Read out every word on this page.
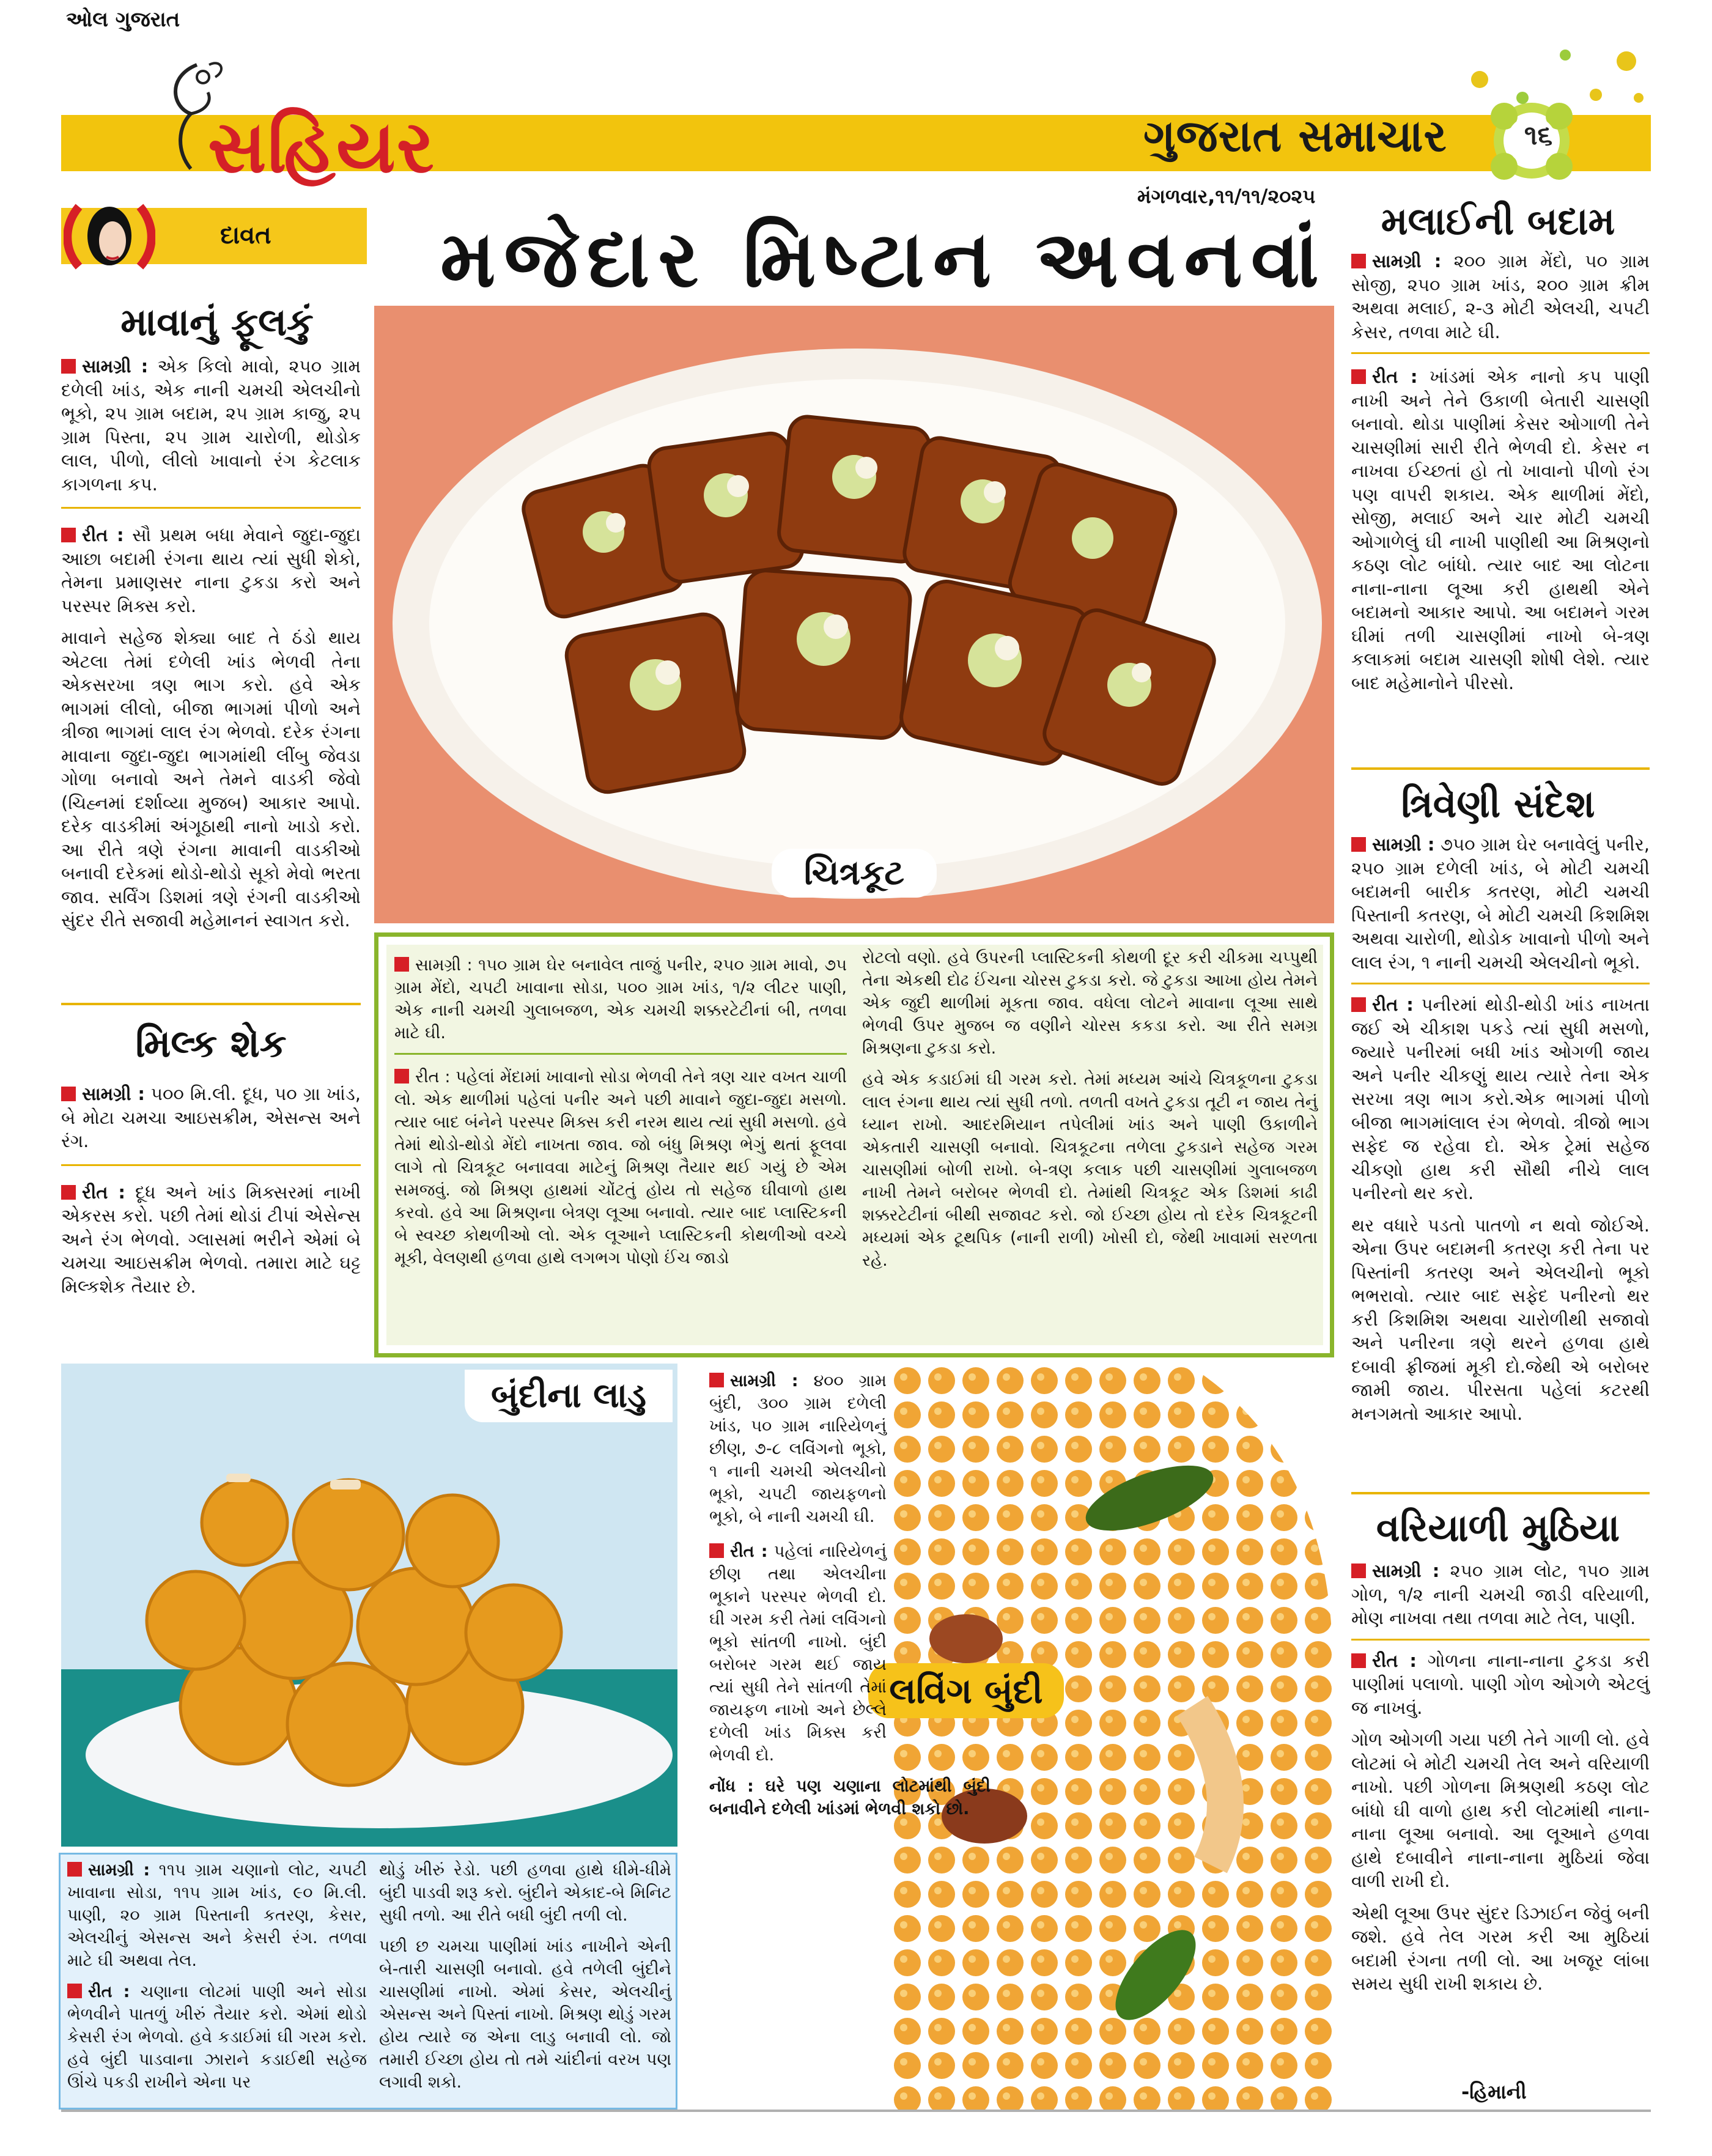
ઓલ ગુજરાત
સહિયર	ગુજરાત સમાચાર
મંગળવાર,૧૧/૧૧/૨૦૨૫
૧૬
દાવત મજેદાર મિષ્ટાન અવનવાં
માવાનું ફૂલકું

સામગ્રી : એક કિલો માવો, ૨૫૦ ગ્રામ દળેલી ખાંડ, એક નાની ચમચી એલચીનો ભૂકો, ૨૫ ગ્રામ બદામ, ૨૫ ગ્રામ કાજુ, ૨૫ ગ્રામ પિસ્તા, ૨૫ ગ્રામ ચારોળી, થોડોક લાલ, પીળો, લીલો ખાવાનો રંગ કેટલાક કાગળના કપ.

રીત : સૌ પ્રથમ બધા મેવાને જુદા-જુદા આછા બદામી રંગના થાય ત્યાં સુધી શેકો, તેમના પ્રમાણસર નાના ટુકડા કરો અને પરસ્પર મિક્સ કરો.

માવાને સહેજ શેક્યા બાદ તે ઠંડો થાય એટલા તેમાં દળેલી ખાંડ ભેળવી તેના એકસરખા ત્રણ ભાગ કરો. હવે એક ભાગમાં લીલો, બીજા ભાગમાં પીળો અને ત્રીજા ભાગમાં લાલ રંગ ભેળવો. દરેક રંગના માવાના જુદા-જુદા ભાગમાંથી લીંબુ જેવડા ગોળા બનાવો અને તેમને વાડકી જેવો (ચિહ્નમાં દર્શાવ્યા મુજબ) આકાર આપો. દરેક વાડકીમાં અંગૂઠાથી નાનો ખાડો કરો. આ રીતે ત્રણે રંગના માવાની વાડકીઓ બનાવી દરેકમાં થોડો-થોડો સૂકો મેવો ભરતા જાવ. સર્વિંગ ડિશમાં ત્રણે રંગની વાડકીઓ સુંદર રીતે સજાવી મહેમાનનં સ્વાગત કરો.

મિલ્ક શેક

સામગ્રી : ૫૦૦ મિ.લી. દૂધ, ૫૦ ગ્રા ખાંડ, બે મોટા ચમચા આઇસક્રીમ, એસન્સ અને રંગ.

રીત : દૂધ અને ખાંડ મિક્સરમાં નાખી એકરસ કરો. પછી તેમાં થોડાં ટીપાં એસેન્સ અને રંગ ભેળવો. ગ્લાસમાં ભરીને એમાં બે ચમચા આઇસક્રીમ ભેળવો. તમારા માટે ઘટ્ટ મિલ્કશેક તૈયાર છે.

ચિત્રકૂટ

સામગ્રી : ૧૫૦ ગ્રામ ઘેર બનાવેલ તાજું પનીર, ૨૫૦ ગ્રામ માવો, ૭૫ ગ્રામ મેંદો, ચપટી ખાવાના સોડા, ૫૦૦ ગ્રામ ખાંડ, ૧/૨ લીટર પાણી, એક નાની ચમચી ગુલાબજળ, એક ચમચી શક્કરટેટીનાં બી, તળવા માટે ઘી.

રીત : પહેલાં મેંદામાં ખાવાનો સોડા ભેળવી તેને ત્રણ ચાર વખત ચાળી લો. એક થાળીમાં પહેલાં પનીર અને પછી માવાને જુદા-જુદા મસળો. ત્યાર બાદ બંનેને પરસ્પર મિક્સ કરી નરમ થાય ત્યાં સુધી મસળો. હવે તેમાં થોડો-થોડો મેંદો નાખતા જાવ. જો બંધુ મિશ્રણ ભેગું થતાં ફૂલવા લાગે તો ચિત્રકૂટ બનાવવા માટેનું મિશ્રણ તૈયાર થઈ ગયું છે એમ સમજવું. જો મિશ્રણ હાથમાં ચોંટતું હોય તો સહેજ ઘીવાળો હાથ કરવો. હવે આ મિશ્રણના બેત્રણ લૂઆ બનાવો. ત્યાર બાદ પ્લાસ્ટિકની બે સ્વચ્છ કોથળીઓ લો. એક લૂઆને પ્લાસ્ટિકની કોથળીઓ વચ્ચે મૂકી, વેલણથી હળવા હાથે લગભગ પોણો ઈંચ જાડો

રોટલો વણો. હવે ઉપરની પ્લાસ્ટિકની કોથળી દૂર કરી ચીકમા ચપ્પુથી તેના એકથી દોઢ ઈંચના ચોરસ ટુકડા કરો. જે ટુકડા આખા હોય તેમને એક જુદી થાળીમાં મૂકતા જાવ. વધેલા લોટને માવાના લૂઆ સાથે ભેળવી ઉપર મુજબ જ વણીને ચોરસ કકડા કરો. આ રીતે સમગ્ર મિશ્રણના ટુકડા કરો.

હવે એક કડાઈમાં ઘી ગરમ કરો. તેમાં મધ્યમ આંચે ચિત્રકૂળના ટુકડા લાલ રંગના થાય ત્યાં સુધી તળો. તળતી વખતે ટુકડા તૂટી ન જાય તેનું ધ્યાન રાખો. આદરમિયાન તપેલીમાં ખાંડ અને પાણી ઉકાળીને એકતારી ચાસણી બનાવો. ચિત્રકૂટના તળેલા ટુકડાને સહેજ ગરમ ચાસણીમાં બોળી રાખો. બે-ત્રણ કલાક પછી ચાસણીમાં ગુલાબજળ નાખી તેમને બરોબર ભેળવી દો. તેમાંથી ચિત્રકૂટ એક ડિશમાં કાઢી શક્કરટેટીનાં બીથી સજાવટ કરો. જો ઈચ્છા હોય તો દરેક ચિત્રકૂટની મધ્યમાં એક ટૂથપિક (નાની રાળી) ખોસી દો, જેથી ખાવામાં સરળતા રહે.

બુંદીના લાડુ

સામગ્રી : ૧૧૫ ગ્રામ ચણાનો લોટ, ચપટી ખાવાના સોડા, ૧૧૫ ગ્રામ ખાંડ, ૯૦ મિ.લી. પાણી, ૨૦ ગ્રામ પિસ્તાની કતરણ, કેસર, એલચીનું એસન્સ અને કેસરી રંગ. તળવા માટે ઘી અથવા તેલ.

રીત : ચણાના લોટમાં પાણી અને સોડા ભેળવીને પાતળું ખીરું તૈયાર કરો. એમાં થોડો કેસરી રંગ ભેળવો. હવે કડાઈમાં ઘી ગરમ કરો. હવે બુંદી પાડવાના ઝારાને કડાઈથી સહેજ ઊંચે પકડી રાખીને એના પર

થોડું ખીરું રેડો. પછી હળવા હાથે ધીમે-ધીમે બુંદી પાડવી શરૂ કરો. બુંદીને એકાદ-બે મિનિટ સુધી તળો. આ રીતે બધી બુંદી તળી લો.

પછી છ ચમચા પાણીમાં ખાંડ નાખીને એની બે-તારી ચાસણી બનાવો. હવે તળેલી બુંદીને ચાસણીમાં નાખો. એમાં કેસર, એલચીનું એસન્સ અને પિસ્તાં નાખો. મિશ્રણ થોડું ગરમ હોય ત્યારે જ એના લાડુ બનાવી લો. જો તમારી ઈચ્છા હોય તો તમે ચાંદીનાં વરખ પણ લગાવી શકો.

લવિંગ બુંદી

સામગ્રી : ૪૦૦ ગ્રામ બુંદી, ૩૦૦ ગ્રામ દળેલી ખાંડ, ૫૦ ગ્રામ નારિયેળનું છીણ, ૭-૮ લવિંગનો ભૂકો, ૧ નાની ચમચી એલચીનો ભૂકો, ચપટી જાયફળનો ભૂકો, બે નાની ચમચી ઘી.

રીત : પહેલાં નારિયેળનું છીણ તથા એલચીના ભૂકાને પરસ્પર ભેળવી દો. ઘી ગરમ કરી તેમાં લવિંગનો ભૂકો સાંતળી નાખો. બુંદી બરોબર ગરમ થઈ જાય ત્યાં સુધી તેને સાંતળી તેમાં જાયફળ નાખો અને છેલ્લે દળેલી ખાંડ મિક્સ કરી ભેળવી દો.

નોંધ : ઘરે પણ ચણાના લોટમાંથી બુંદી બનાવીને દળેલી ખાંડમાં ભેળવી શકો છો.

મલાઈની બદામ

સામગ્રી : ૨૦૦ ગ્રામ મેંદો, ૫૦ ગ્રામ સોજી, ૨૫૦ ગ્રામ ખાંડ, ૨૦૦ ગ્રામ ક્રીમ અથવા મલાઈ, ૨-૩ મોટી એલચી, ચપટી કેસર, તળવા માટે ઘી.

રીત : ખાંડમાં એક નાનો કપ પાણી નાખી અને તેને ઉકાળી બેતારી ચાસણી બનાવો. થોડા પાણીમાં કેસર ઓગાળી તેને ચાસણીમાં સારી રીતે ભેળવી દો. કેસર ન નાખવા ઈચ્છતાં હો તો ખાવાનો પીળો રંગ પણ વાપરી શકાય. એક થાળીમાં મેંદો, સોજી, મલાઈ અને ચાર મોટી ચમચી ઓગાળેલું ઘી નાખી પાણીથી આ મિશ્રણનો કઠણ લોટ બાંધો. ત્યાર બાદ આ લોટના નાના-નાના લૂઆ કરી હાથથી એને બદામનો આકાર આપો. આ બદામને ગરમ ઘીમાં તળી ચાસણીમાં નાખો બે-ત્રણ કલાકમાં બદામ ચાસણી શોષી લેશે. ત્યાર બાદ મહેમાનોને પીરસો.

ત્રિવેણી સંદેશ

સામગ્રી : ૭૫૦ ગ્રામ ઘેર બનાવેલું પનીર, ૨૫૦ ગ્રામ દળેલી ખાંડ, બે મોટી ચમચી બદામની બારીક કતરણ, મોટી ચમચી પિસ્તાની કતરણ, બે મોટી ચમચી કિશમિશ અથવા ચારોળી, થોડોક ખાવાનો પીળો અને લાલ રંગ, ૧ નાની ચમચી એલચીનો ભૂકો.

રીત : પનીરમાં થોડી-થોડી ખાંડ નાખતા જઈ એ ચીકાશ પકડે ત્યાં સુધી મસળો, જ્યારે પનીરમાં બધી ખાંડ ઓગળી જાય અને પનીર ચીકણું થાય ત્યારે તેના એક સરખા ત્રણ ભાગ કરો.એક ભાગમાં પીળો બીજા ભાગમાંલાલ રંગ ભેળવો. ત્રીજો ભાગ સફેદ જ રહેવા દો. એક ટ્રેમાં સહેજ ચીકણો હાથ કરી સૌથી નીચે લાલ પનીરનો થર કરો.

થર વધારે પડતો પાતળો ન થવો જોઈએ. એના ઉપર બદામની કતરણ કરી તેના પર પિસ્તાંની કતરણ અને એલચીનો ભૂકો ભભરાવો. ત્યાર બાદ સફેદ પનીરનો થર કરી કિશમિશ અથવા ચારોળીથી સજાવો અને પનીરના ત્રણે થરને હળવા હાથે દબાવી ફ્રીજમાં મૂકી દો.જેથી એ બરોબર જામી જાય. પીરસતા પહેલાં કટરથી મનગમતો આકાર આપો.

વરિયાળી મુઠિયા

સામગ્રી : ૨૫૦ ગ્રામ લોટ, ૧૫૦ ગ્રામ ગોળ, ૧/૨ નાની ચમચી જાડી વરિયાળી, મોણ નાખવા તથા તળવા માટે તેલ, પાણી.

રીત : ગોળના નાના-નાના ટુકડા કરી પાણીમાં પલાળો. પાણી ગોળ ઓગળે એટલું જ નાખવું.

ગોળ ઓગળી ગયા પછી તેને ગાળી લો. હવે લોટમાં બે મોટી ચમચી તેલ અને વરિયાળી નાખો. પછી ગોળના મિશ્રણથી કઠણ લોટ બાંધો ઘી વાળો હાથ કરી લોટમાંથી નાના-નાના લૂઆ બનાવો. આ લૂઆને હળવા હાથે દબાવીને નાના-નાના મુઠિયાં જેવા વાળી રાખી દો.

એથી લૂઆ ઉપર સુંદર ડિઝાઈન જેવું બની જશે. હવે તેલ ગરમ કરી આ મુઠિયાં બદામી રંગના તળી લો. આ ખજૂર લાંબા સમય સુધી રાખી શકાય છે.

-હિમાની
